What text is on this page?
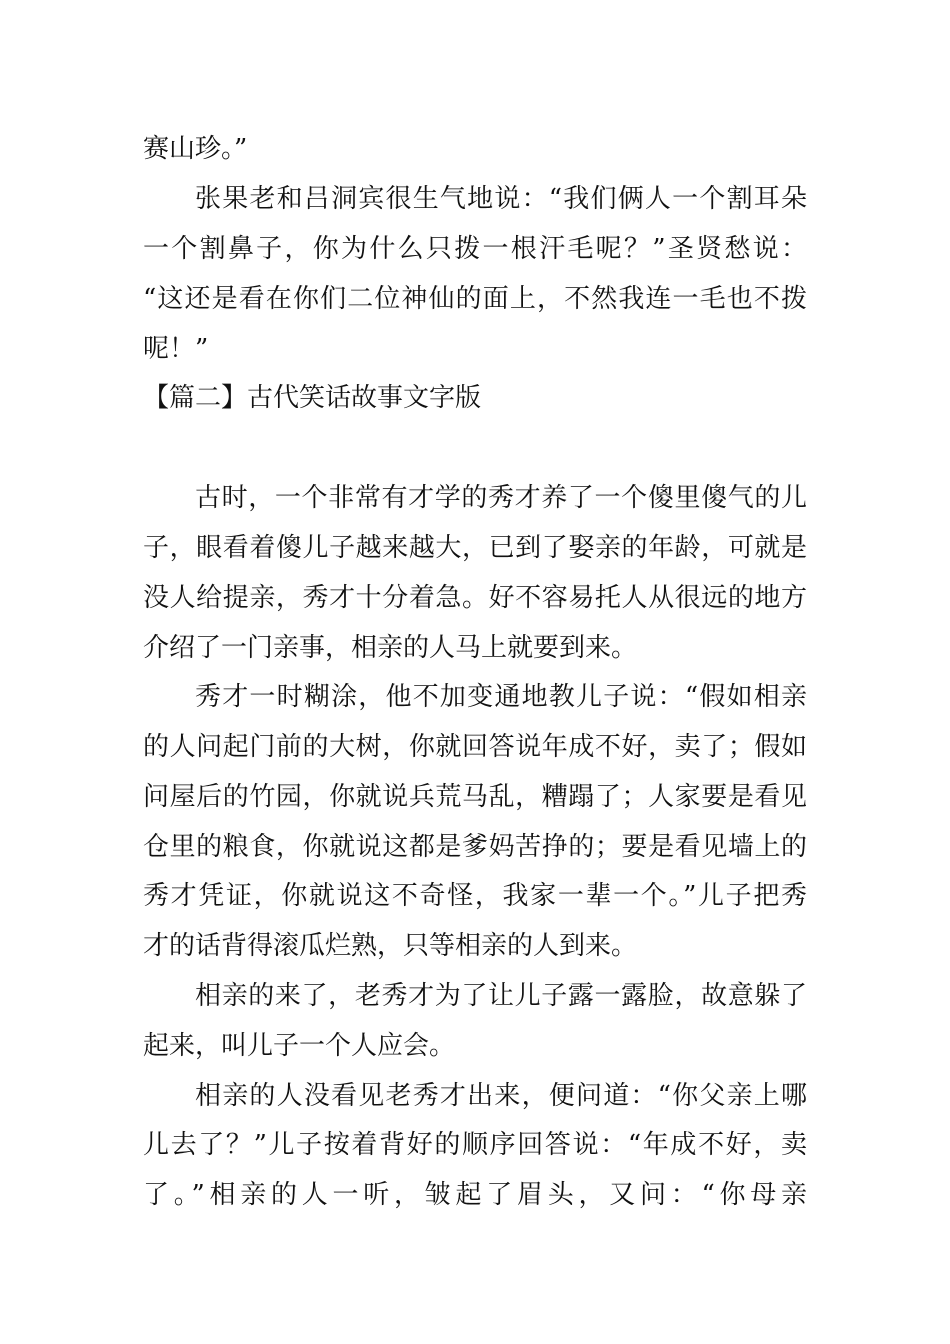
赛山珍。”
张果老和吕洞宾很生气地说：“我们俩人一个割耳朵
一个割鼻子，你为什么只拨一根汗毛呢？”圣贤愁说：
“这还是看在你们二位神仙的面上，不然我连一毛也不拨
呢！”
【篇二】古代笑话故事文字版
古时，一个非常有才学的秀才养了一个傻里傻气的儿
子，眼看着傻儿子越来越大，已到了娶亲的年龄，可就是
没人给提亲，秀才十分着急。好不容易托人从很远的地方
介绍了一门亲事，相亲的人马上就要到来。
秀才一时糊涂，他不加变通地教儿子说：“假如相亲
的人问起门前的大树，你就回答说年成不好，卖了；假如
问屋后的竹园，你就说兵荒马乱，糟蹋了；人家要是看见
仓里的粮食，你就说这都是爹妈苦挣的；要是看见墙上的
秀才凭证，你就说这不奇怪，我家一辈一个。”儿子把秀
才的话背得滚瓜烂熟，只等相亲的人到来。
相亲的来了，老秀才为了让儿子露一露脸，故意躲了
起来，叫儿子一个人应会。
相亲的人没看见老秀才出来，便问道：“你父亲上哪
儿去了？”儿子按着背好的顺序回答说：“年成不好，卖
了。”相亲的人一听，皱起了眉头，又问：“你母亲
